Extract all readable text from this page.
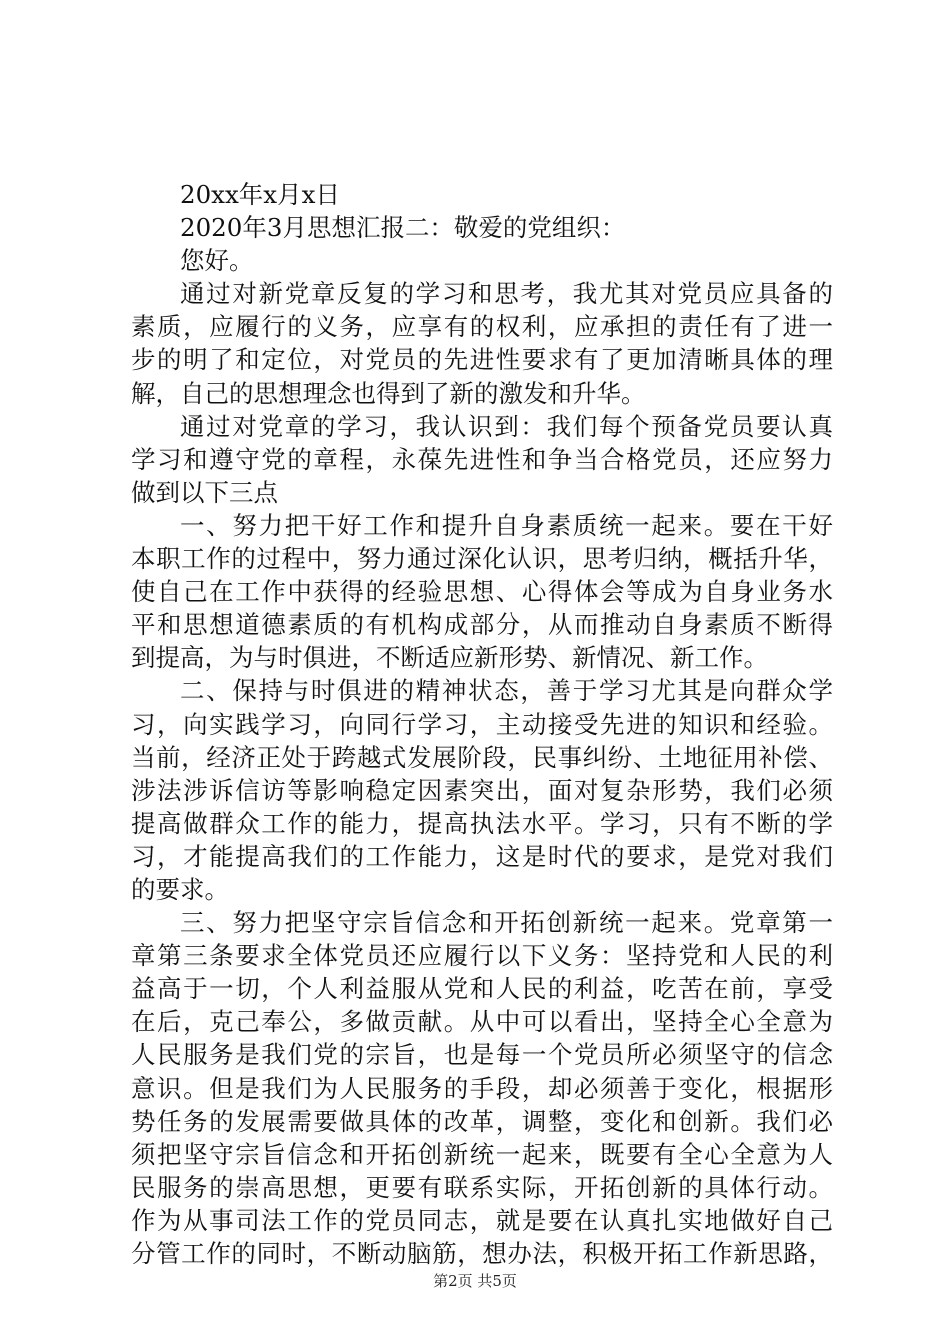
20xx年x月x日
2020年3月思想汇报二：敬爱的党组织：
您好。
通过对新党章反复的学习和思考，我尤其对党员应具备的
素质，应履行的义务，应享有的权利，应承担的责任有了进一
步的明了和定位，对党员的先进性要求有了更加清晰具体的理
解，自己的思想理念也得到了新的激发和升华。
通过对党章的学习，我认识到：我们每个预备党员要认真
学习和遵守党的章程，永葆先进性和争当合格党员，还应努力
做到以下三点
一、努力把干好工作和提升自身素质统一起来。要在干好
本职工作的过程中，努力通过深化认识，思考归纳，概括升华，
使自己在工作中获得的经验思想、心得体会等成为自身业务水
平和思想道德素质的有机构成部分，从而推动自身素质不断得
到提高，为与时俱进，不断适应新形势、新情况、新工作。
二、保持与时俱进的精神状态，善于学习尤其是向群众学
习，向实践学习，向同行学习，主动接受先进的知识和经验。
当前，经济正处于跨越式发展阶段，民事纠纷、土地征用补偿、
涉法涉诉信访等影响稳定因素突出，面对复杂形势，我们必须
提高做群众工作的能力，提高执法水平。学习，只有不断的学
习，才能提高我们的工作能力，这是时代的要求，是党对我们
的要求。
三、努力把坚守宗旨信念和开拓创新统一起来。党章第一
章第三条要求全体党员还应履行以下义务：坚持党和人民的利
益高于一切，个人利益服从党和人民的利益，吃苦在前，享受
在后，克己奉公，多做贡献。从中可以看出，坚持全心全意为
人民服务是我们党的宗旨，也是每一个党员所必须坚守的信念
意识。但是我们为人民服务的手段，却必须善于变化，根据形
势任务的发展需要做具体的改革，调整，变化和创新。我们必
须把坚守宗旨信念和开拓创新统一起来，既要有全心全意为人
民服务的崇高思想，更要有联系实际，开拓创新的具体行动。
作为从事司法工作的党员同志，就是要在认真扎实地做好自己
分管工作的同时，不断动脑筋，想办法，积极开拓工作新思路，
第2页 共5页
